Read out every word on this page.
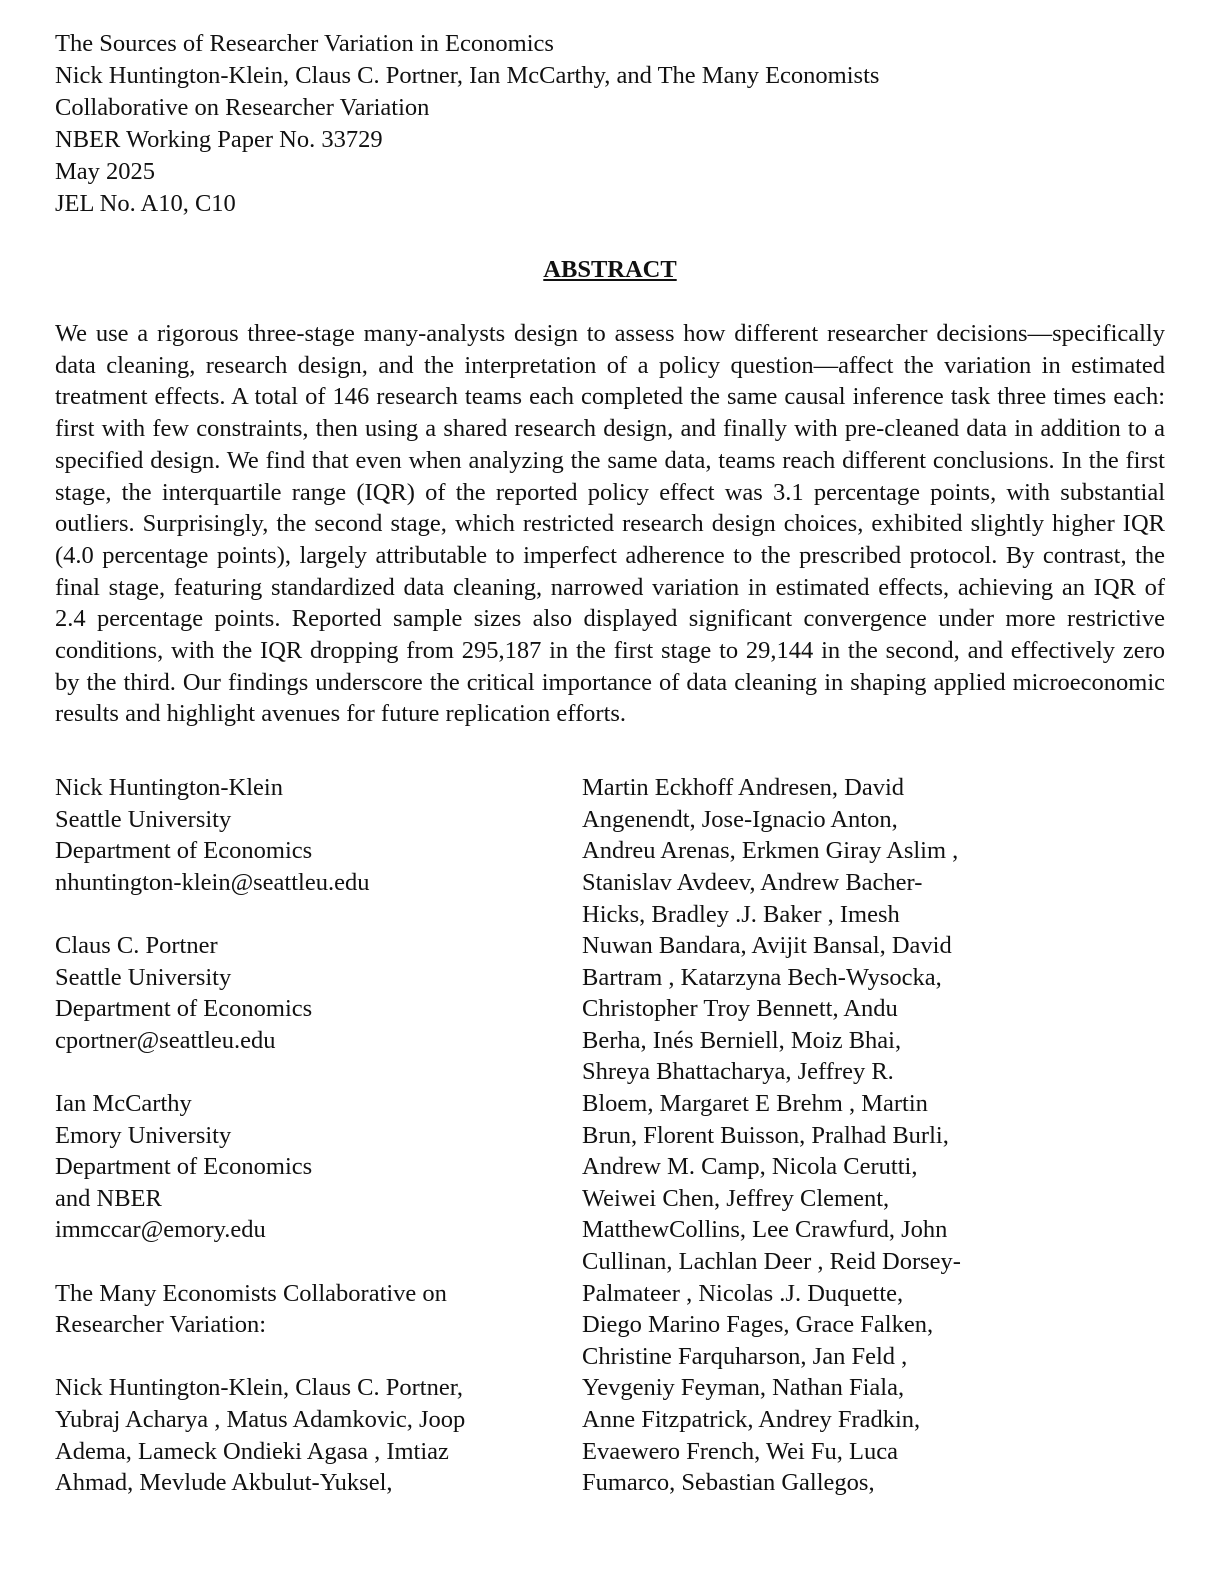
The Sources of Researcher Variation in Economics
Nick Huntington-Klein, Claus C. Portner, Ian McCarthy, and The Many Economists
Collaborative on Researcher Variation
NBER Working Paper No. 33729
May 2025
JEL No. A10, C10
ABSTRACT
We use a rigorous three-stage many-analysts design to assess how different researcher decisions—specifically data cleaning, research design, and the interpretation of a policy question—affect the variation in estimated treatment effects. A total of 146 research teams each completed the same causal inference task three times each: first with few constraints, then using a shared research design, and finally with pre-cleaned data in addition to a specified design. We find that even when analyzing the same data, teams reach different conclusions. In the first stage, the interquartile range (IQR) of the reported policy effect was 3.1 percentage points, with substantial outliers. Surprisingly, the second stage, which restricted research design choices, exhibited slightly higher IQR (4.0 percentage points), largely attributable to imperfect adherence to the prescribed protocol. By contrast, the final stage, featuring standardized data cleaning, narrowed variation in estimated effects, achieving an IQR of 2.4 percentage points. Reported sample sizes also displayed significant convergence under more restrictive conditions, with the IQR dropping from 295,187 in the first stage to 29,144 in the second, and effectively zero by the third. Our findings underscore the critical importance of data cleaning in shaping applied microeconomic results and highlight avenues for future replication efforts.
Nick Huntington-Klein
Seattle University
Department of Economics
nhuntington-klein@seattleu.edu
Claus C. Portner
Seattle University
Department of Economics
cportner@seattleu.edu
Ian McCarthy
Emory University
Department of Economics
and NBER
immccar@emory.edu
The Many Economists Collaborative on
Researcher Variation:
Nick Huntington-Klein, Claus C. Portner,
Yubraj Acharya , Matus Adamkovic, Joop
Adema, Lameck Ondieki Agasa , Imtiaz
Ahmad, Mevlude Akbulut-Yuksel,
Martin Eckhoff Andresen, David
Angenendt, Jose-Ignacio Anton,
Andreu Arenas, Erkmen Giray Aslim ,
Stanislav Avdeev, Andrew Bacher-
Hicks, Bradley .J. Baker , Imesh
Nuwan Bandara, Avijit Bansal, David
Bartram , Katarzyna Bech-Wysocka,
Christopher Troy Bennett, Andu
Berha, Inés Berniell, Moiz Bhai,
Shreya Bhattacharya, Jeffrey R.
Bloem, Margaret E Brehm , Martin
Brun, Florent Buisson, Pralhad Burli,
Andrew M. Camp, Nicola Cerutti,
Weiwei Chen, Jeffrey Clement,
MatthewCollins, Lee Crawfurd, John
Cullinan, Lachlan Deer , Reid Dorsey-
Palmateer , Nicolas .J. Duquette,
Diego Marino Fages, Grace Falken,
Christine Farquharson, Jan Feld ,
Yevgeniy Feyman, Nathan Fiala,
Anne Fitzpatrick, Andrey Fradkin,
Evaewero French, Wei Fu, Luca
Fumarco, Sebastian Gallegos,
